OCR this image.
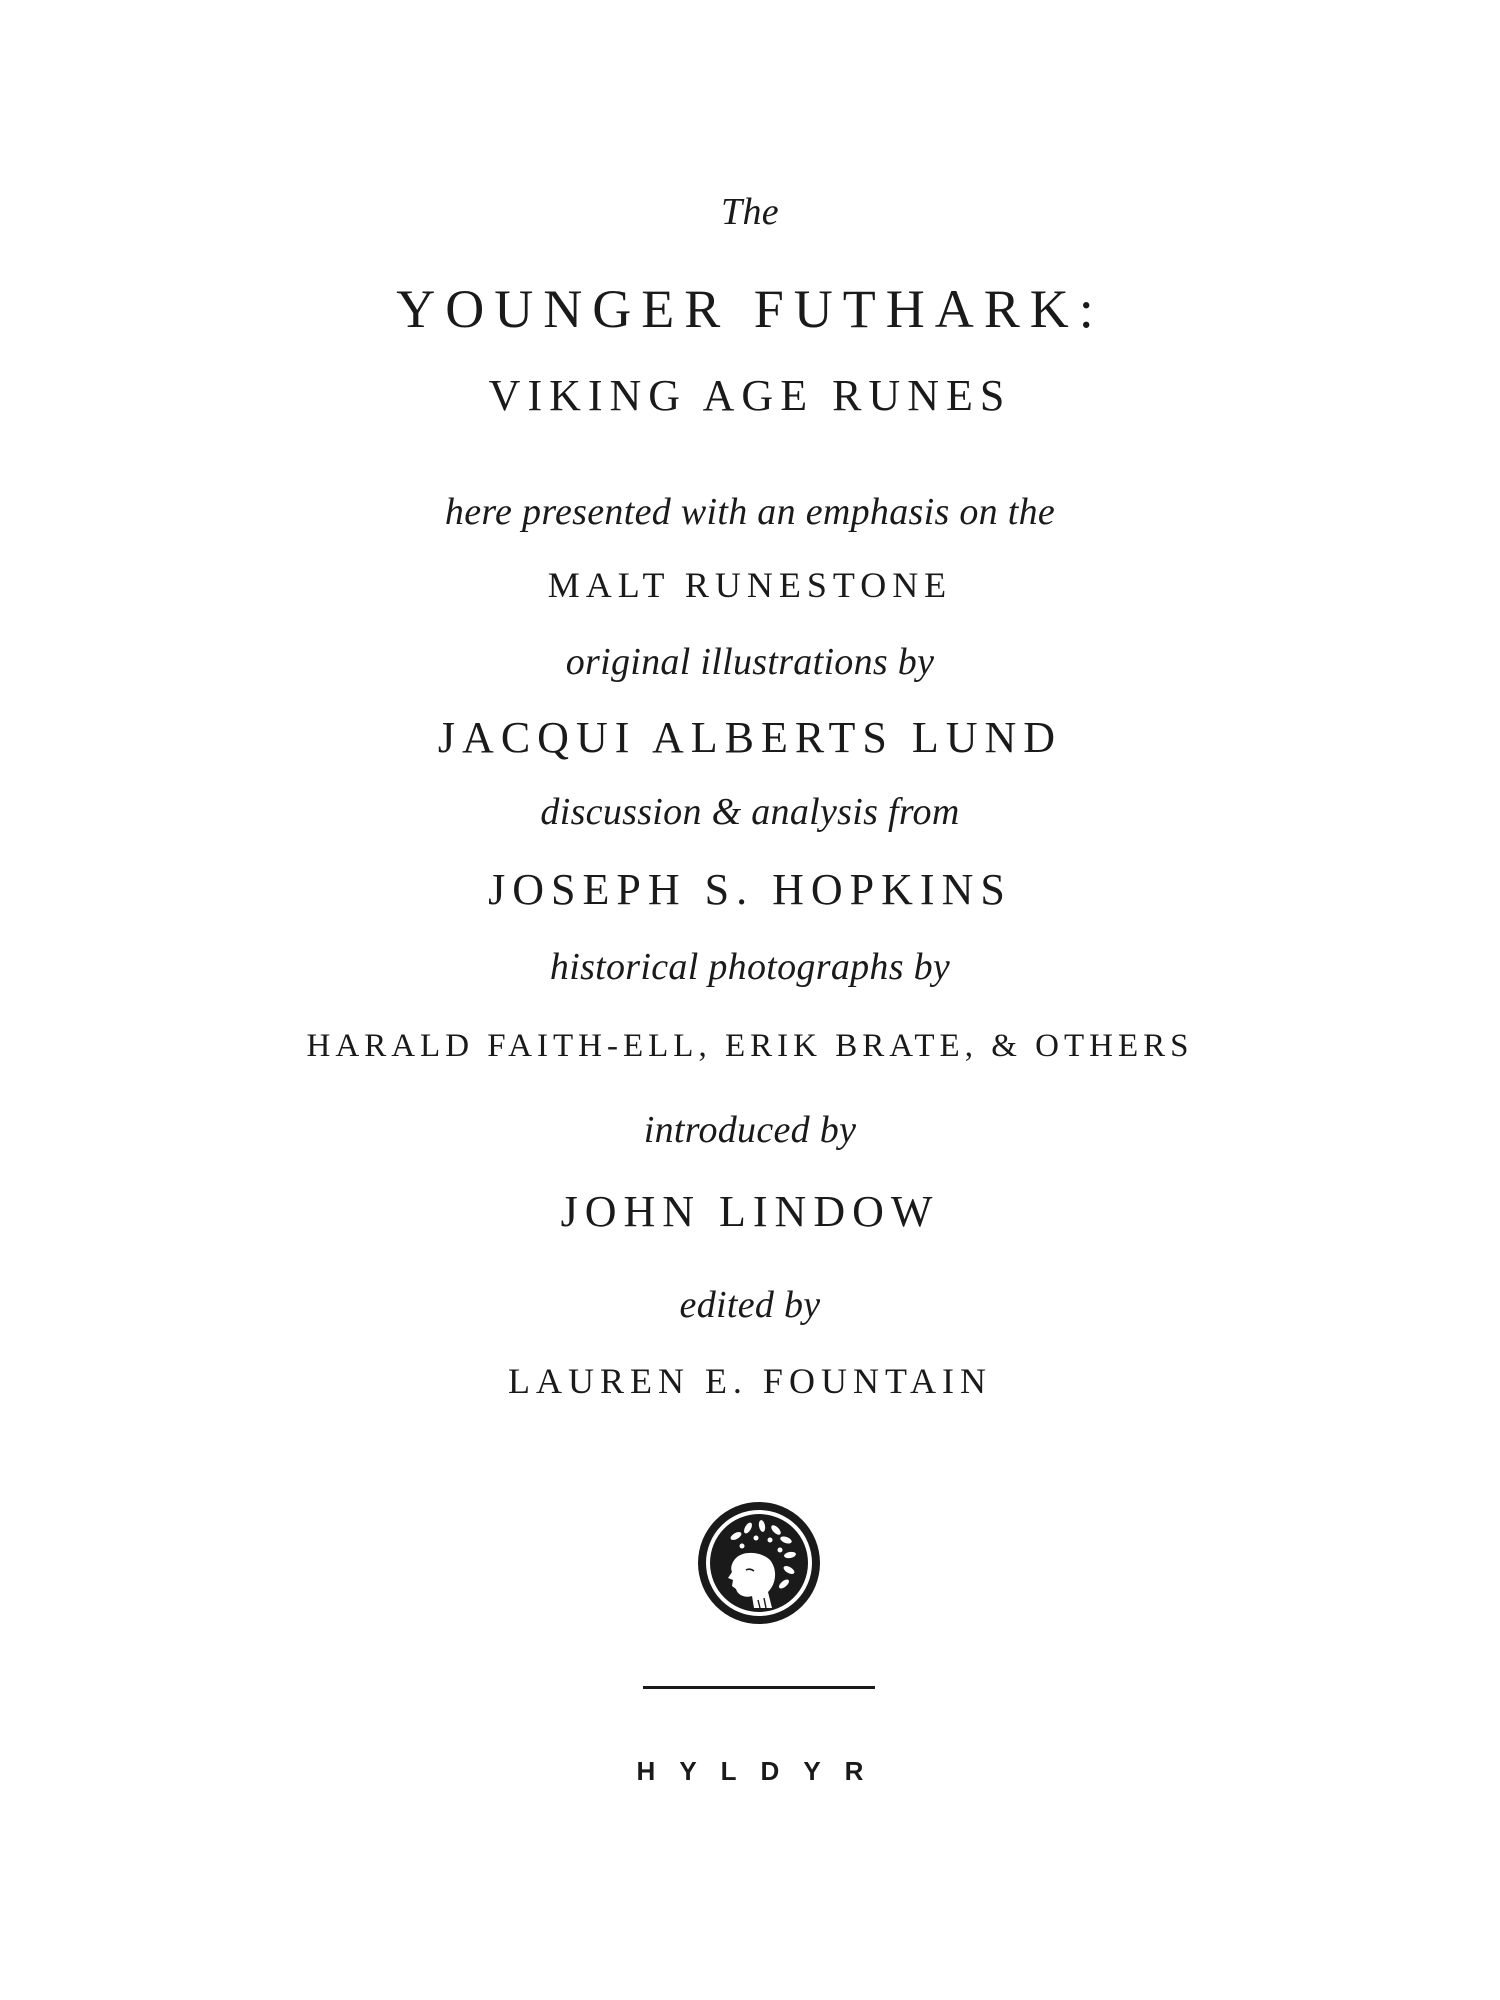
The
YOUNGER FUTHARK:
VIKING AGE RUNES
here presented with an emphasis on the
MALT RUNESTONE
original illustrations by
JACQUI ALBERTS LUND
discussion & analysis from
JOSEPH S. HOPKINS
historical photographs by
HARALD FAITH-ELL, ERIK BRATE, & OTHERS
introduced by
JOHN LINDOW
edited by
LAUREN E. FOUNTAIN
HYLDYR
